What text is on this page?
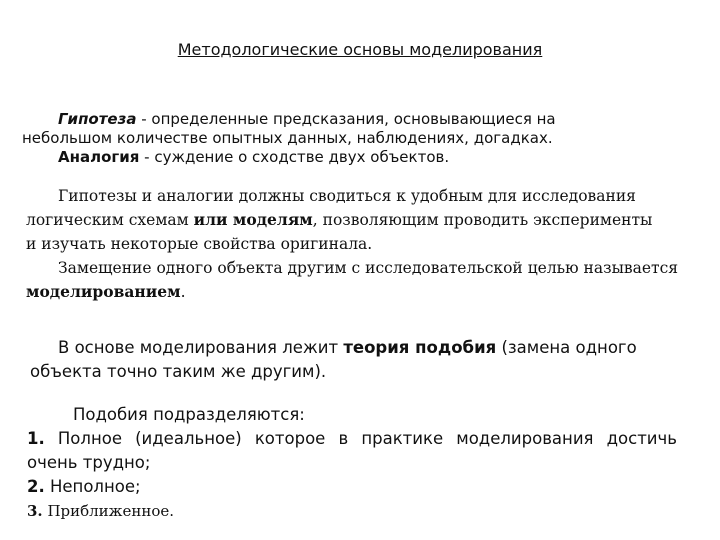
Методологические основы моделирования
Гипотеза - определенные предсказания, основывающиеся на
небольшом количестве опытных данных, наблюдениях, догадках.
Аналогия - суждение о сходстве двух объектов.
Гипотезы и аналогии должны сводиться к удобным для исследования
логическим схемам или моделям, позволяющим проводить эксперименты
и изучать некоторые свойства оригинала.
Замещение одного объекта другим с исследовательской целью называется
моделированием.
В основе моделирования лежит теория подобия (замена одного
объекта точно таким же другим).
Подобия подразделяются:
1. Полное (идеальное) которое в практике моделирования достичь
очень трудно;
2. Неполное;
3. Приближенное.
